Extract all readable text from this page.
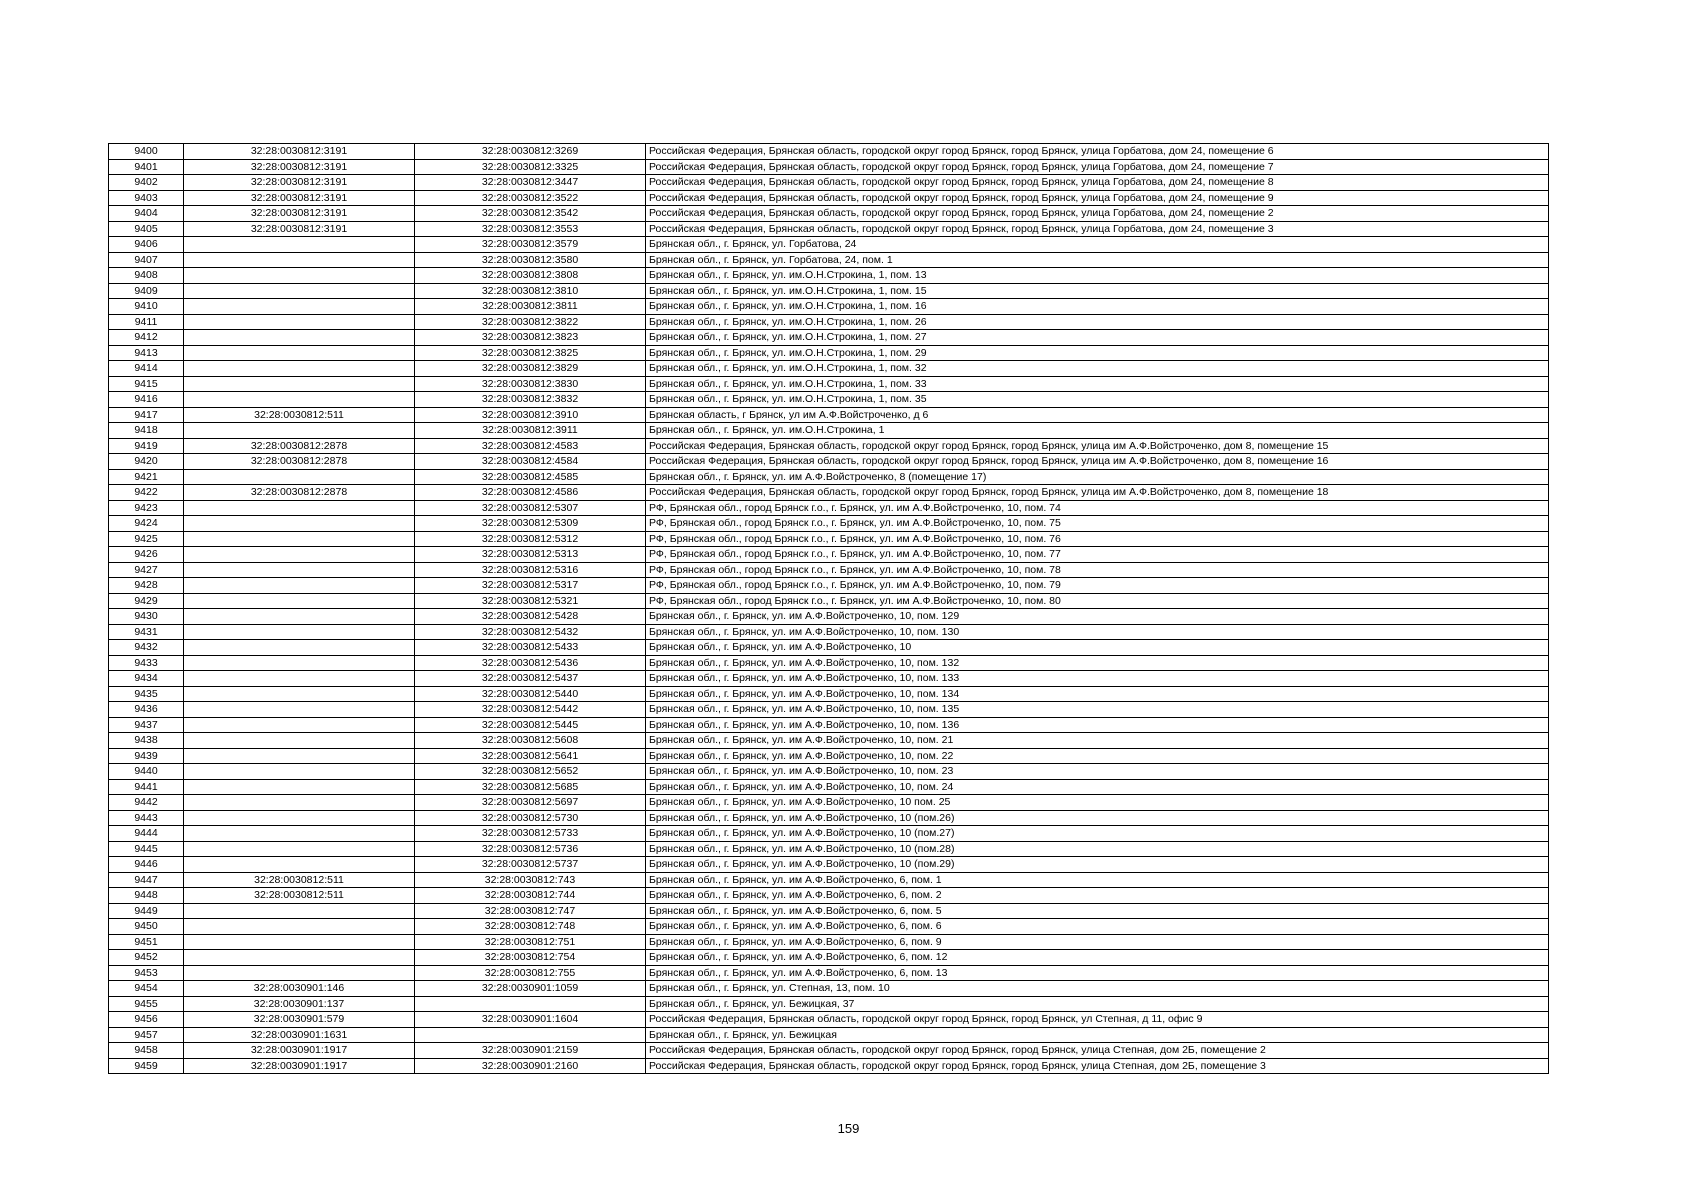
9400	32:28:0030812:3191	32:28:0030812:3269	Российская Федерация, Брянская область, городской округ город Брянск, город Брянск, улица Горбатова, дом 24, помещение 6
9401	32:28:0030812:3191	32:28:0030812:3325	Российская Федерация, Брянская область, городской округ город Брянск, город Брянск, улица Горбатова, дом 24, помещение 7
9402	32:28:0030812:3191	32:28:0030812:3447	Российская Федерация, Брянская область, городской округ город Брянск, город Брянск, улица Горбатова, дом 24, помещение 8
9403	32:28:0030812:3191	32:28:0030812:3522	Российская Федерация, Брянская область, городской округ город Брянск, город Брянск, улица Горбатова, дом 24, помещение 9
9404	32:28:0030812:3191	32:28:0030812:3542	Российская Федерация, Брянская область, городской округ город Брянск, город Брянск, улица Горбатова, дом 24, помещение 2
9405	32:28:0030812:3191	32:28:0030812:3553	Российская Федерация, Брянская область, городской округ город Брянск, город Брянск, улица Горбатова, дом 24, помещение 3
9406		32:28:0030812:3579	Брянская обл., г. Брянск, ул. Горбатова, 24
9407		32:28:0030812:3580	Брянская обл., г. Брянск, ул. Горбатова, 24, пом. 1
9408		32:28:0030812:3808	Брянская обл., г. Брянск, ул. им.О.Н.Строкина, 1, пом. 13
9409		32:28:0030812:3810	Брянская обл., г. Брянск, ул. им.О.Н.Строкина, 1, пом. 15
9410		32:28:0030812:3811	Брянская обл., г. Брянск, ул. им.О.Н.Строкина, 1, пом. 16
9411		32:28:0030812:3822	Брянская обл., г. Брянск, ул. им.О.Н.Строкина, 1, пом. 26
9412		32:28:0030812:3823	Брянская обл., г. Брянск, ул. им.О.Н.Строкина, 1, пом. 27
9413		32:28:0030812:3825	Брянская обл., г. Брянск, ул. им.О.Н.Строкина, 1, пом. 29
9414		32:28:0030812:3829	Брянская обл., г. Брянск, ул. им.О.Н.Строкина, 1, пом. 32
9415		32:28:0030812:3830	Брянская обл., г. Брянск, ул. им.О.Н.Строкина, 1, пом. 33
9416		32:28:0030812:3832	Брянская обл., г. Брянск, ул. им.О.Н.Строкина, 1, пом. 35
9417	32:28:0030812:511	32:28:0030812:3910	Брянская область, г Брянск, ул им А.Ф.Войстроченко, д 6
9418		32:28:0030812:3911	Брянская обл., г. Брянск, ул. им.О.Н.Строкина, 1
9419	32:28:0030812:2878	32:28:0030812:4583	Российская Федерация, Брянская область, городской округ город Брянск, город Брянск, улица им А.Ф.Войстроченко, дом 8, помещение 15
9420	32:28:0030812:2878	32:28:0030812:4584	Российская Федерация, Брянская область, городской округ город Брянск, город Брянск, улица им А.Ф.Войстроченко, дом 8, помещение 16
9421		32:28:0030812:4585	Брянская обл., г. Брянск, ул. им А.Ф.Войстроченко, 8 (помещение 17)
9422	32:28:0030812:2878	32:28:0030812:4586	Российская Федерация, Брянская область, городской округ город Брянск, город Брянск, улица им А.Ф.Войстроченко, дом 8, помещение 18
9423		32:28:0030812:5307	РФ, Брянская обл., город Брянск г.о., г. Брянск, ул. им А.Ф.Войстроченко, 10, пом. 74
9424		32:28:0030812:5309	РФ, Брянская обл., город Брянск г.о., г. Брянск, ул. им А.Ф.Войстроченко, 10, пом. 75
9425		32:28:0030812:5312	РФ, Брянская обл., город Брянск г.о., г. Брянск, ул. им А.Ф.Войстроченко, 10, пом. 76
9426		32:28:0030812:5313	РФ, Брянская обл., город Брянск г.о., г. Брянск, ул. им А.Ф.Войстроченко, 10, пом. 77
9427		32:28:0030812:5316	РФ, Брянская обл., город Брянск г.о., г. Брянск, ул. им А.Ф.Войстроченко, 10, пом. 78
9428		32:28:0030812:5317	РФ, Брянская обл., город Брянск г.о., г. Брянск, ул. им А.Ф.Войстроченко, 10, пом. 79
9429		32:28:0030812:5321	РФ, Брянская обл., город Брянск г.о., г. Брянск, ул. им А.Ф.Войстроченко, 10, пом. 80
9430		32:28:0030812:5428	Брянская обл., г. Брянск, ул. им А.Ф.Войстроченко, 10, пом. 129
9431		32:28:0030812:5432	Брянская обл., г. Брянск, ул. им А.Ф.Войстроченко, 10, пом. 130
9432		32:28:0030812:5433	Брянская обл., г. Брянск, ул. им А.Ф.Войстроченко, 10
9433		32:28:0030812:5436	Брянская обл., г. Брянск, ул. им А.Ф.Войстроченко, 10, пом. 132
9434		32:28:0030812:5437	Брянская обл., г. Брянск, ул. им А.Ф.Войстроченко, 10, пом. 133
9435		32:28:0030812:5440	Брянская обл., г. Брянск, ул. им А.Ф.Войстроченко, 10, пом. 134
9436		32:28:0030812:5442	Брянская обл., г. Брянск, ул. им А.Ф.Войстроченко, 10, пом. 135
9437		32:28:0030812:5445	Брянская обл., г. Брянск, ул. им А.Ф.Войстроченко, 10, пом. 136
9438		32:28:0030812:5608	Брянская обл., г. Брянск, ул. им А.Ф.Войстроченко, 10, пом. 21
9439		32:28:0030812:5641	Брянская обл., г. Брянск, ул. им А.Ф.Войстроченко, 10, пом. 22
9440		32:28:0030812:5652	Брянская обл., г. Брянск, ул. им А.Ф.Войстроченко, 10, пом. 23
9441		32:28:0030812:5685	Брянская обл., г. Брянск, ул. им А.Ф.Войстроченко, 10, пом. 24
9442		32:28:0030812:5697	Брянская обл., г. Брянск, ул. им А.Ф.Войстроченко, 10 пом. 25
9443		32:28:0030812:5730	Брянская обл., г. Брянск, ул. им А.Ф.Войстроченко, 10 (пом.26)
9444		32:28:0030812:5733	Брянская обл., г. Брянск, ул. им А.Ф.Войстроченко, 10 (пом.27)
9445		32:28:0030812:5736	Брянская обл., г. Брянск, ул. им А.Ф.Войстроченко, 10 (пом.28)
9446		32:28:0030812:5737	Брянская обл., г. Брянск, ул. им А.Ф.Войстроченко, 10 (пом.29)
9447	32:28:0030812:511	32:28:0030812:743	Брянская обл., г. Брянск, ул. им А.Ф.Войстроченко, 6, пом. 1
9448	32:28:0030812:511	32:28:0030812:744	Брянская обл., г. Брянск, ул. им А.Ф.Войстроченко, 6, пом. 2
9449		32:28:0030812:747	Брянская обл., г. Брянск, ул. им А.Ф.Войстроченко, 6, пом. 5
9450		32:28:0030812:748	Брянская обл., г. Брянск, ул. им А.Ф.Войстроченко, 6, пом. 6
9451		32:28:0030812:751	Брянская обл., г. Брянск, ул. им А.Ф.Войстроченко, 6, пом. 9
9452		32:28:0030812:754	Брянская обл., г. Брянск, ул. им А.Ф.Войстроченко, 6, пом. 12
9453		32:28:0030812:755	Брянская обл., г. Брянск, ул. им А.Ф.Войстроченко, 6, пом. 13
9454	32:28:0030901:146	32:28:0030901:1059	Брянская обл., г. Брянск, ул. Степная, 13, пом. 10
9455	32:28:0030901:137		Брянская обл., г. Брянск, ул. Бежицкая, 37
9456	32:28:0030901:579	32:28:0030901:1604	Российская Федерация, Брянская область, городской округ город Брянск, город Брянск, ул Степная, д 11, офис 9
9457	32:28:0030901:1631		Брянская обл., г. Брянск, ул. Бежицкая
9458	32:28:0030901:1917	32:28:0030901:2159	Российская Федерация, Брянская область, городской округ город Брянск, город Брянск, улица Степная, дом 2Б, помещение 2
9459	32:28:0030901:1917	32:28:0030901:2160	Российская Федерация, Брянская область, городской округ город Брянск, город Брянск, улица Степная, дом 2Б, помещение 3
159
